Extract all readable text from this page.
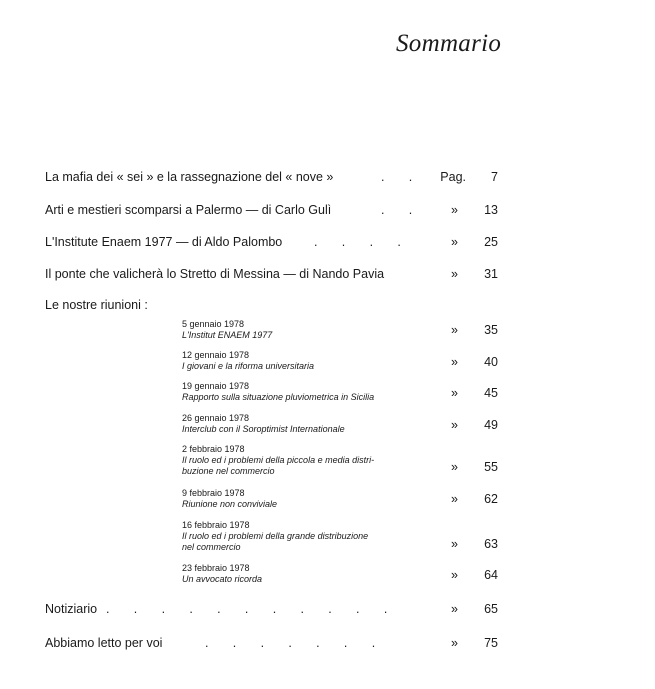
Sommario
La mafia dei « sei » e la rassegnazione del « nove »	.       .	Pag.	7
Arti e mestieri scomparsi a Palermo — di Carlo Gulì	.       .	»	13
L'Institute Enaem 1977 — di Aldo Palombo	.       .       .       .	»	25
Il ponte che valicherà lo Stretto di Messina — di Nando Pavia	»	31
Le nostre riunioni :
5 gennaio 1978
L'Institut ENAEM 1977	»	35
12 gennaio 1978
I giovani e la riforma universitaria	»	40
19 gennaio 1978
Rapporto sulla situazione pluviometrica in Sicilia	»	45
26 gennaio 1978
Interclub con il Soroptimist Internationale	»	49
2 febbraio 1978
Il ruolo ed i problemi della piccola e media distri-
buzione nel commercio	»	55
9 febbraio 1978
Riunione non conviviale	»	62
16 febbraio 1978
Il ruolo ed i problemi della grande distribuzione
nel commercio	»	63
23 febbraio 1978
Un avvocato ricorda	»	64
Notiziario .       .       .       .       .       .       .       .       .       .       .	»	65
Abbiamo letto per voi	.       .       .       .       .       .       .	»	75
